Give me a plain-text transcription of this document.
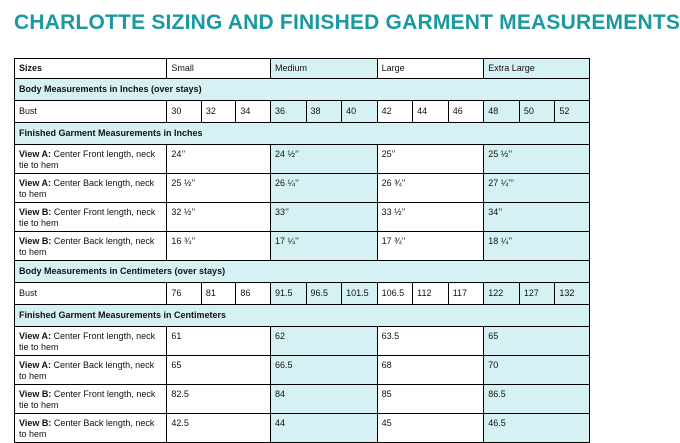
CHARLOTTE SIZING AND FINISHED GARMENT MEASUREMENTS
Sizes	Small			Medium			Large			Extra Large		
Body Measurements in Inches (over stays)												
Bust	30	32	34	36	38	40	42	44	46	48	50	52
Finished Garment Measurements in Inches												
View A: Center Front length, neck tie to hem	24’’			24 ½’’			25’’			25 ½’’		
View A: Center Back length, neck to hem	25 ½’’			26 ¼’’			26 ¾’’			27 ¼’’’		
View B: Center Front length, neck tie to hem	32 ½’’			33’’			33 ½’’			34’’		
View B: Center Back length, neck to hem	16 ¾’’			17 ¼’’			17 ¾’’			18 ¼’’		
Body Measurements in Centimeters (over stays)												
Bust	76	81	86	91.5	96.5	101.5	106.5	112	117	122	127	132
Finished Garment Measurements in Centimeters												
View A: Center Front length, neck tie to hem	61			62			63.5			65		
View A: Center Back length, neck to hem	65			66.5			68			70		
View B: Center Front length, neck tie to hem	82.5			84			85			86.5		
View B: Center Back length, neck to hem	42.5			44			45			46.5		
